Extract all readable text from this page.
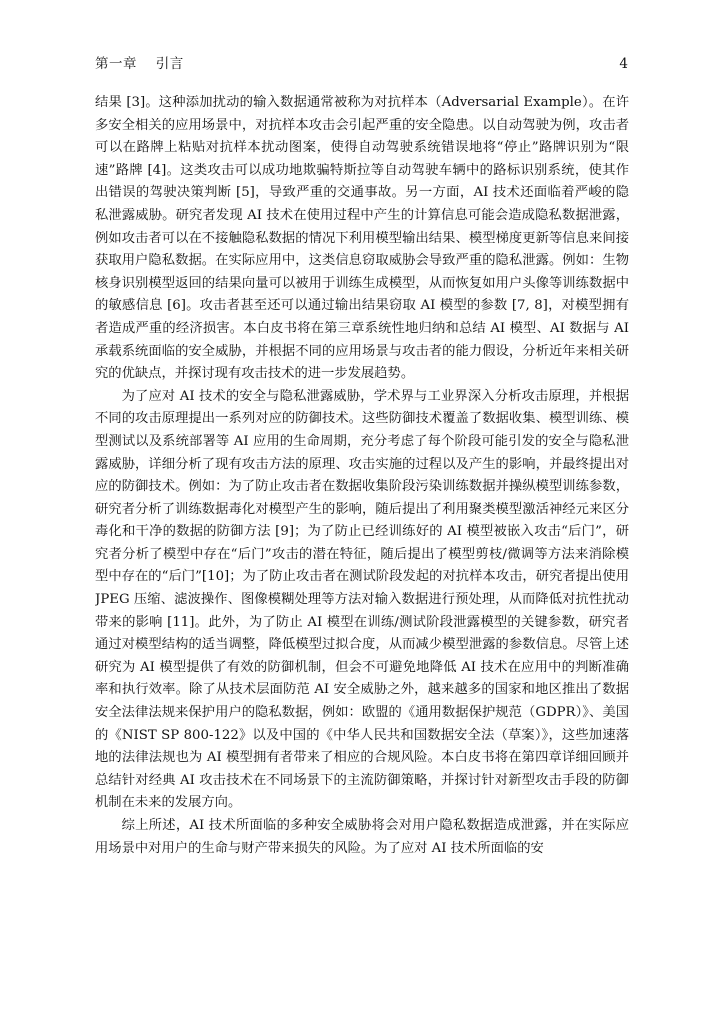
第一章 引言	4

结果 [3]。这种添加扰动的输入数据通常被称为对抗样本（Adversarial Example）。在许多安全相关的应用场景中，对抗样本攻击会引起严重的安全隐患。以自动驾驶为例，攻击者可以在路牌上粘贴对抗样本扰动图案，使得自动驾驶系统错误地将“停止”路牌识别为“限速”路牌 [4]。这类攻击可以成功地欺骗特斯拉等自动驾驶车辆中的路标识别系统，使其作出错误的驾驶决策判断 [5]，导致严重的交通事故。另一方面，AI 技术还面临着严峻的隐私泄露威胁。研究者发现 AI 技术在使用过程中产生的计算信息可能会造成隐私数据泄露，例如攻击者可以在不接触隐私数据的情况下利用模型输出结果、模型梯度更新等信息来间接获取用户隐私数据。在实际应用中，这类信息窃取威胁会导致严重的隐私泄露。例如：生物核身识别模型返回的结果向量可以被用于训练生成模型，从而恢复如用户头像等训练数据中的敏感信息 [6]。攻击者甚至还可以通过输出结果窃取 AI 模型的参数 [7, 8]，对模型拥有者造成严重的经济损害。本白皮书将在第三章系统性地归纳和总结 AI 模型、AI 数据与 AI 承载系统面临的安全威胁，并根据不同的应用场景与攻击者的能力假设，分析近年来相关研究的优缺点，并探讨现有攻击技术的进一步发展趋势。

为了应对 AI 技术的安全与隐私泄露威胁，学术界与工业界深入分析攻击原理，并根据不同的攻击原理提出一系列对应的防御技术。这些防御技术覆盖了数据收集、模型训练、模型测试以及系统部署等 AI 应用的生命周期，充分考虑了每个阶段可能引发的安全与隐私泄露威胁，详细分析了现有攻击方法的原理、攻击实施的过程以及产生的影响，并最终提出对应的防御技术。例如：为了防止攻击者在数据收集阶段污染训练数据并操纵模型训练参数，研究者分析了训练数据毒化对模型产生的影响，随后提出了利用聚类模型激活神经元来区分毒化和干净的数据的防御方法 [9]；为了防止已经训练好的 AI 模型被嵌入攻击“后门”，研究者分析了模型中存在“后门”攻击的潜在特征，随后提出了模型剪枝/微调等方法来消除模型中存在的“后门”[10]；为了防止攻击者在测试阶段发起的对抗样本攻击，研究者提出使用 JPEG 压缩、滤波操作、图像模糊处理等方法对输入数据进行预处理，从而降低对抗性扰动带来的影响 [11]。此外，为了防止 AI 模型在训练/测试阶段泄露模型的关键参数，研究者通过对模型结构的适当调整，降低模型过拟合度，从而减少模型泄露的参数信息。尽管上述研究为 AI 模型提供了有效的防御机制，但会不可避免地降低 AI 技术在应用中的判断准确率和执行效率。除了从技术层面防范 AI 安全威胁之外，越来越多的国家和地区推出了数据安全法律法规来保护用户的隐私数据，例如：欧盟的《通用数据保护规范（GDPR）》、美国的《NIST SP 800-122》以及中国的《中华人民共和国数据安全法（草案）》，这些加速落地的法律法规也为 AI 模型拥有者带来了相应的合规风险。本白皮书将在第四章详细回顾并总结针对经典 AI 攻击技术在不同场景下的主流防御策略，并探讨针对新型攻击手段的防御机制在未来的发展方向。

综上所述，AI 技术所面临的多种安全威胁将会对用户隐私数据造成泄露，并在实际应用场景中对用户的生命与财产带来损失的风险。为了应对 AI 技术所面临的安
